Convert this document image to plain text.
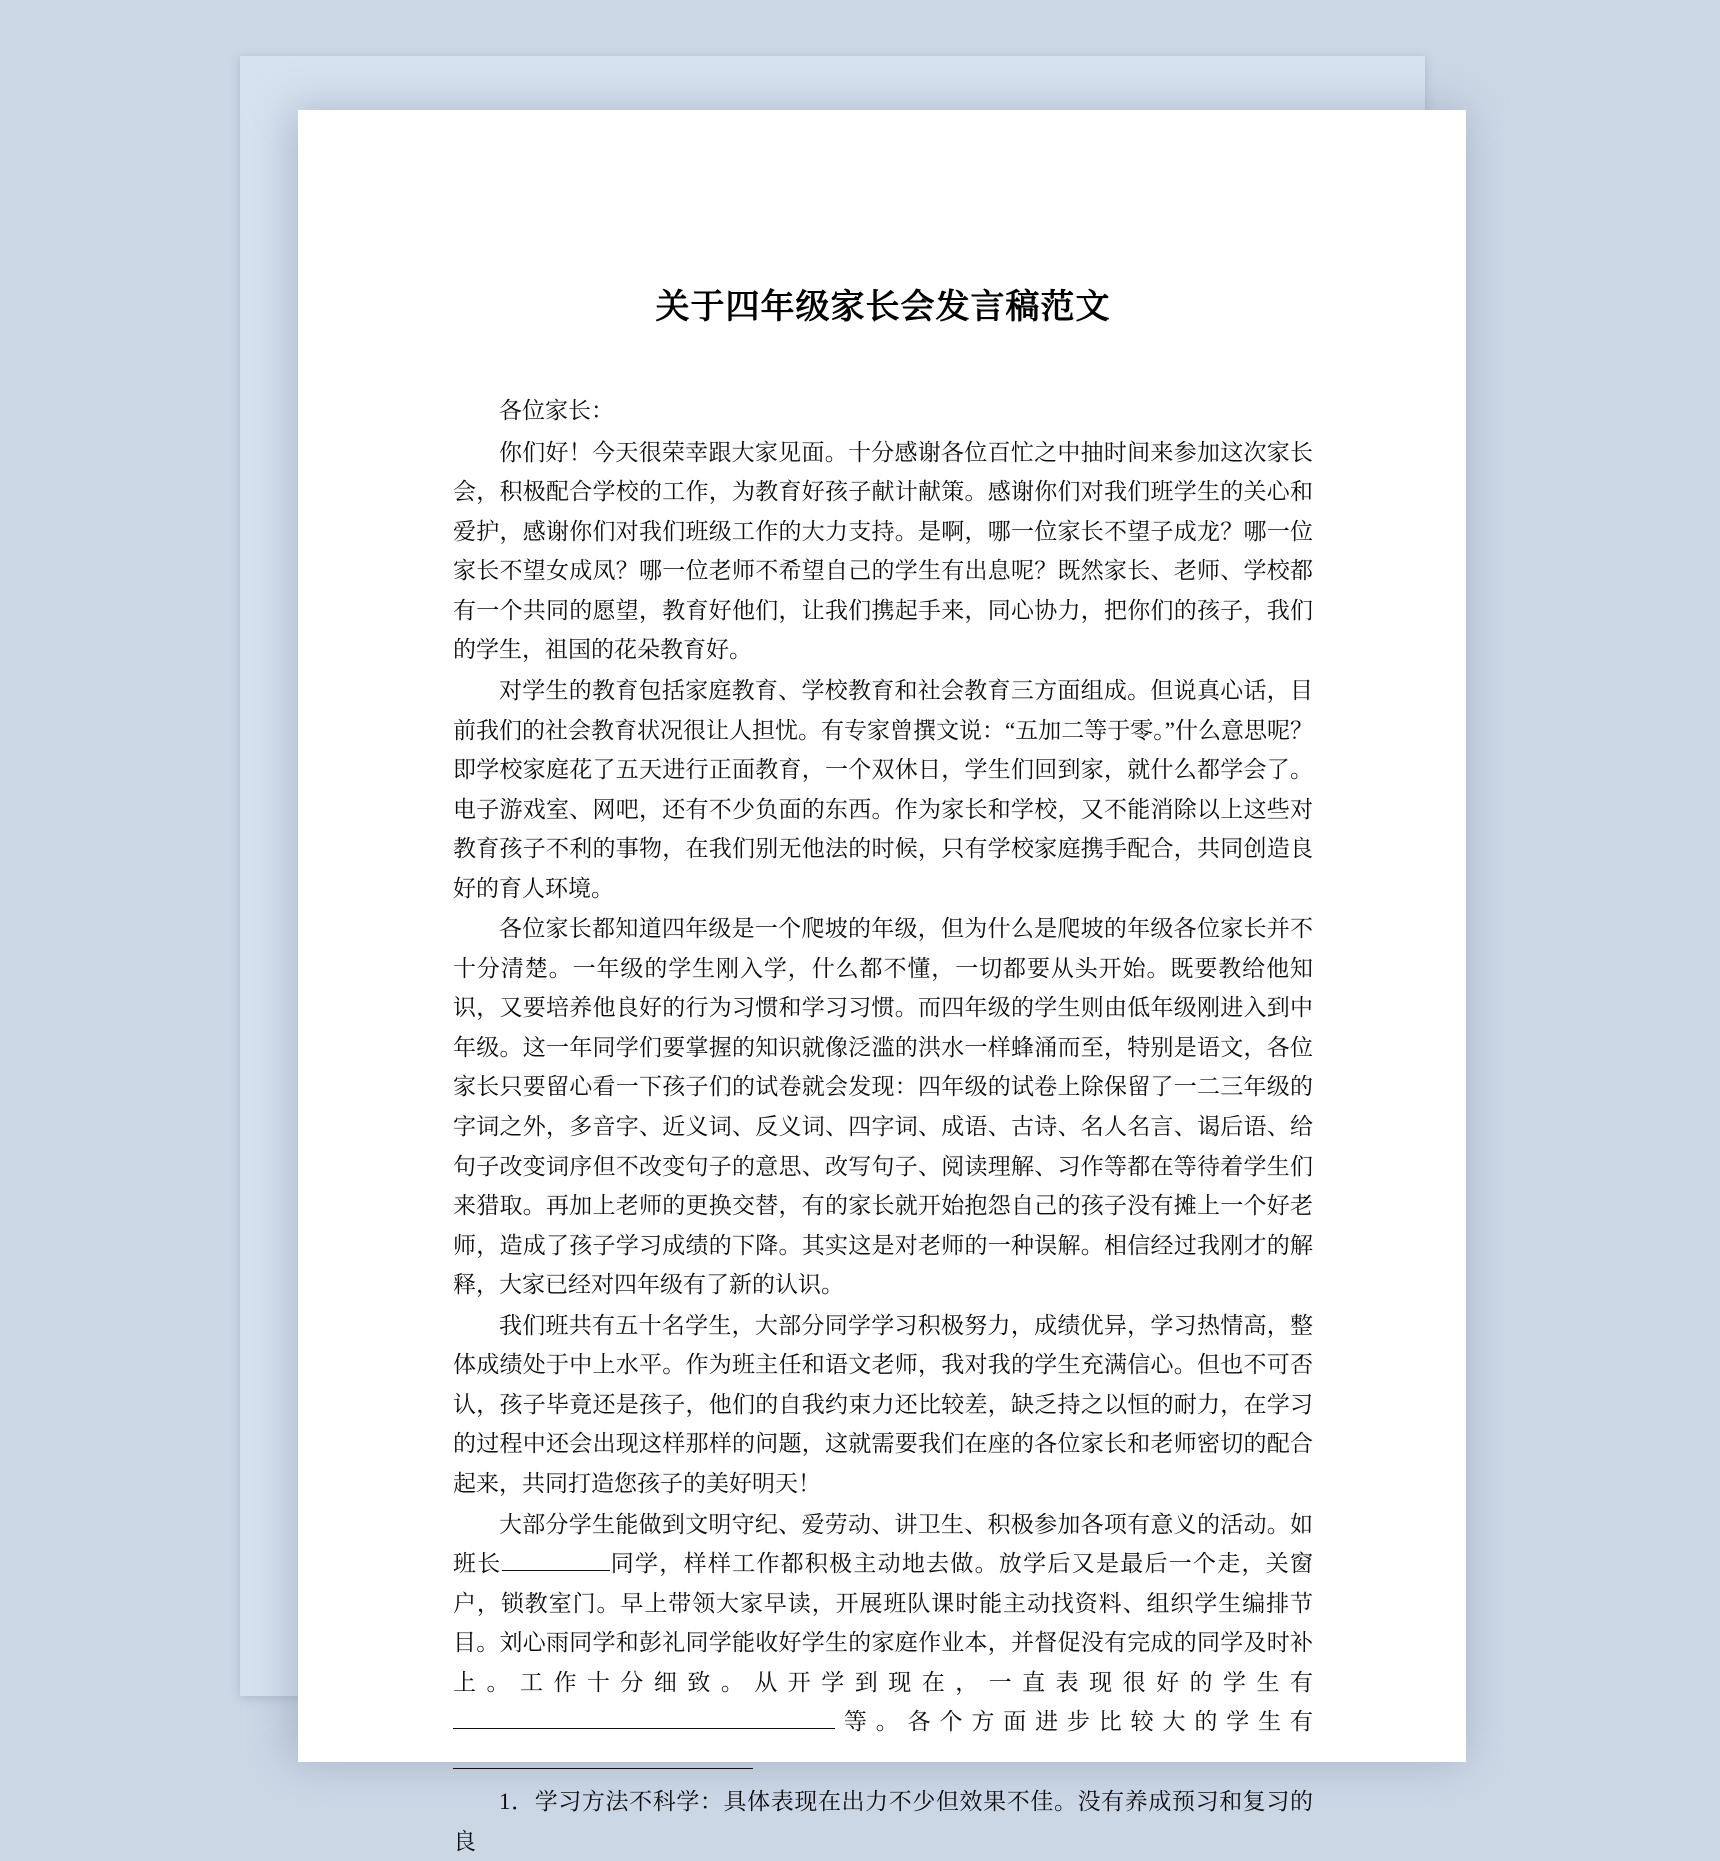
关于四年级家长会发言稿范文

各位家长：

你们好！今天很荣幸跟大家见面。十分感谢各位百忙之中抽时间来参加这次家长会，积极配合学校的工作，为教育好孩子献计献策。感谢你们对我们班学生的关心和爱护，感谢你们对我们班级工作的大力支持。是啊，哪一位家长不望子成龙？哪一位家长不望女成凤？哪一位老师不希望自己的学生有出息呢？既然家长、老师、学校都有一个共同的愿望，教育好他们，让我们携起手来，同心协力，把你们的孩子，我们的学生，祖国的花朵教育好。

对学生的教育包括家庭教育、学校教育和社会教育三方面组成。但说真心话，目前我们的社会教育状况很让人担忧。有专家曾撰文说：“五加二等于零。”什么意思呢？即学校家庭花了五天进行正面教育，一个双休日，学生们回到家，就什么都学会了。电子游戏室、网吧，还有不少负面的东西。作为家长和学校，又不能消除以上这些对教育孩子不利的事物，在我们别无他法的时候，只有学校家庭携手配合，共同创造良好的育人环境。

各位家长都知道四年级是一个爬坡的年级，但为什么是爬坡的年级各位家长并不十分清楚。一年级的学生刚入学，什么都不懂，一切都要从头开始。既要教给他知识，又要培养他良好的行为习惯和学习习惯。而四年级的学生则由低年级刚进入到中年级。这一年同学们要掌握的知识就像泛滥的洪水一样蜂涌而至，特别是语文，各位家长只要留心看一下孩子们的试卷就会发现：四年级的试卷上除保留了一二三年级的字词之外，多音字、近义词、反义词、四字词、成语、古诗、名人名言、谒后语、给句子改变词序但不改变句子的意思、改写句子、阅读理解、习作等都在等待着学生们来猎取。再加上老师的更换交替，有的家长就开始抱怨自己的孩子没有摊上一个好老师，造成了孩子学习成绩的下降。其实这是对老师的一种误解。相信经过我刚才的解释，大家已经对四年级有了新的认识。

我们班共有五十名学生，大部分同学学习积极努力，成绩优异，学习热情高，整体成绩处于中上水平。作为班主任和语文老师，我对我的学生充满信心。但也不可否认，孩子毕竟还是孩子，他们的自我约束力还比较差，缺乏持之以恒的耐力，在学习的过程中还会出现这样那样的问题，这就需要我们在座的各位家长和老师密切的配合起来，共同打造您孩子的美好明天！

大部分学生能做到文明守纪、爱劳动、讲卫生、积极参加各项有意义的活动。如班长	同学，样样工作都积极主动地去做。放学后又是最后一个走，关窗户，锁教室门。早上带领大家早读，开展班队课时能主动找资料、组织学生编排节目。刘心雨同学和彭礼同学能收好学生的家庭作业本，并督促没有完成的同学及时补上。工作十分细致。从开学到现在，一直表现很好的学生有等。各个方面进步比较大的学生有

1．学习方法不科学：具体表现在出力不少但效果不佳。没有养成预习和复习的良
